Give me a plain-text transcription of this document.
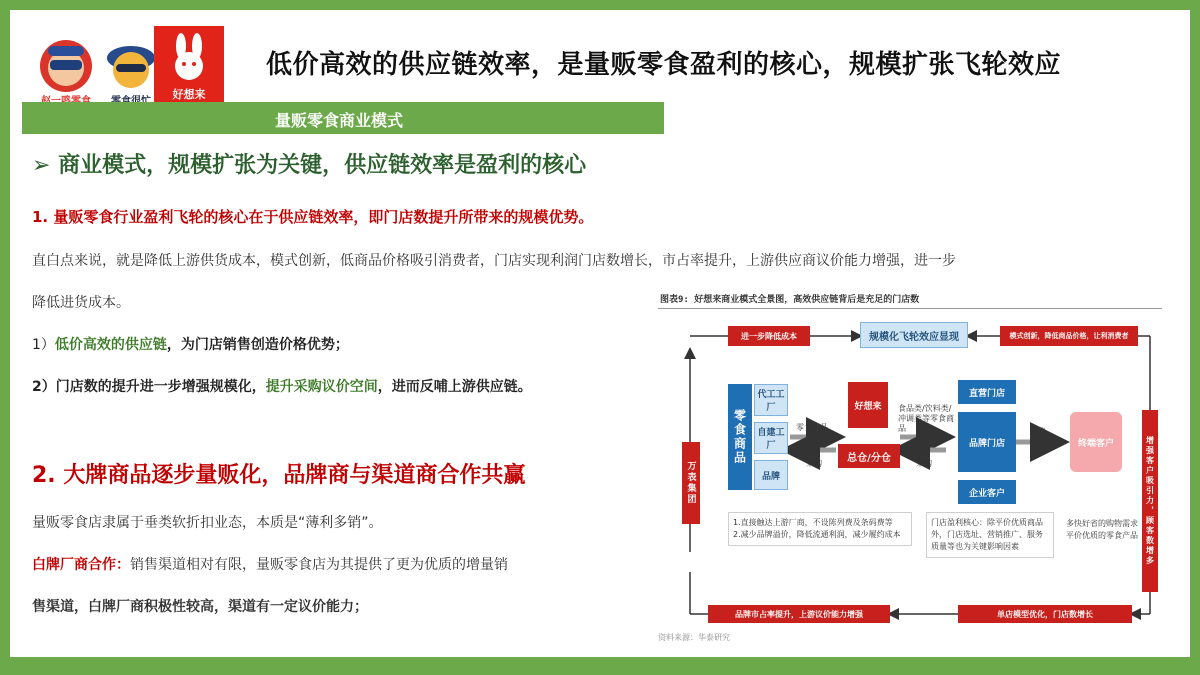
好想来
低价高效的供应链效率，是量贩零食盈利的核心，规模扩张飞轮效应
量贩零食商业模式
➢ 商业模式，规模扩张为关键，供应链效率是盈利的核心
1. 量贩零食行业盈利飞轮的核心在于供应链效率，即门店数提升所带来的规模优势。
直白点来说，就是降低上游供货成本，模式创新，低商品价格吸引消费者，门店实现利润门店数增长，市占率提升，上游供应商议价能力增强，进一步
降低进货成本。
1）低价高效的供应链，为门店销售创造价格优势；
2）门店数的提升进一步增强规模化，提升采购议价空间，进而反哺上游供应链。
2. 大牌商品逐步量贩化，品牌商与渠道商合作共赢
量贩零食店隶属于垂类软折扣业态，本质是“薄利多销”。
白牌厂商合作：销售渠道相对有限，量贩零食店为其提供了更为优质的增量销
售渠道，白牌厂商积极性较高，渠道有一定议价能力；
图表9: 好想来商业模式全景图，高效供应链背后是充足的门店数
进一步降低成本	规模化飞轮效应显现	模式创新，降低商品价格，让利消费者
万表集团	增强客户吸引力，顾客数增多
零食商品
代工工厂
自建工厂
品牌
零食商品
采购
好想来
总仓/分仓
食品类/饮料类/冲调类等零食商品
采购
直营门店
品牌门店
企业客户
销售
终端客户
1.直接触达上游厂商，不设陈列费及条码费等
2.减少品牌溢价，降低流通利润，减少履约成本
门店盈利核心：除平价优质商品外，门店选址、营销推广、服务质量等也为关键影响因素
多快好省的购物需求平价优质的零食产品
品牌市占率提升，上游议价能力增强	单店模型优化，门店数增长
资料来源：华泰研究
